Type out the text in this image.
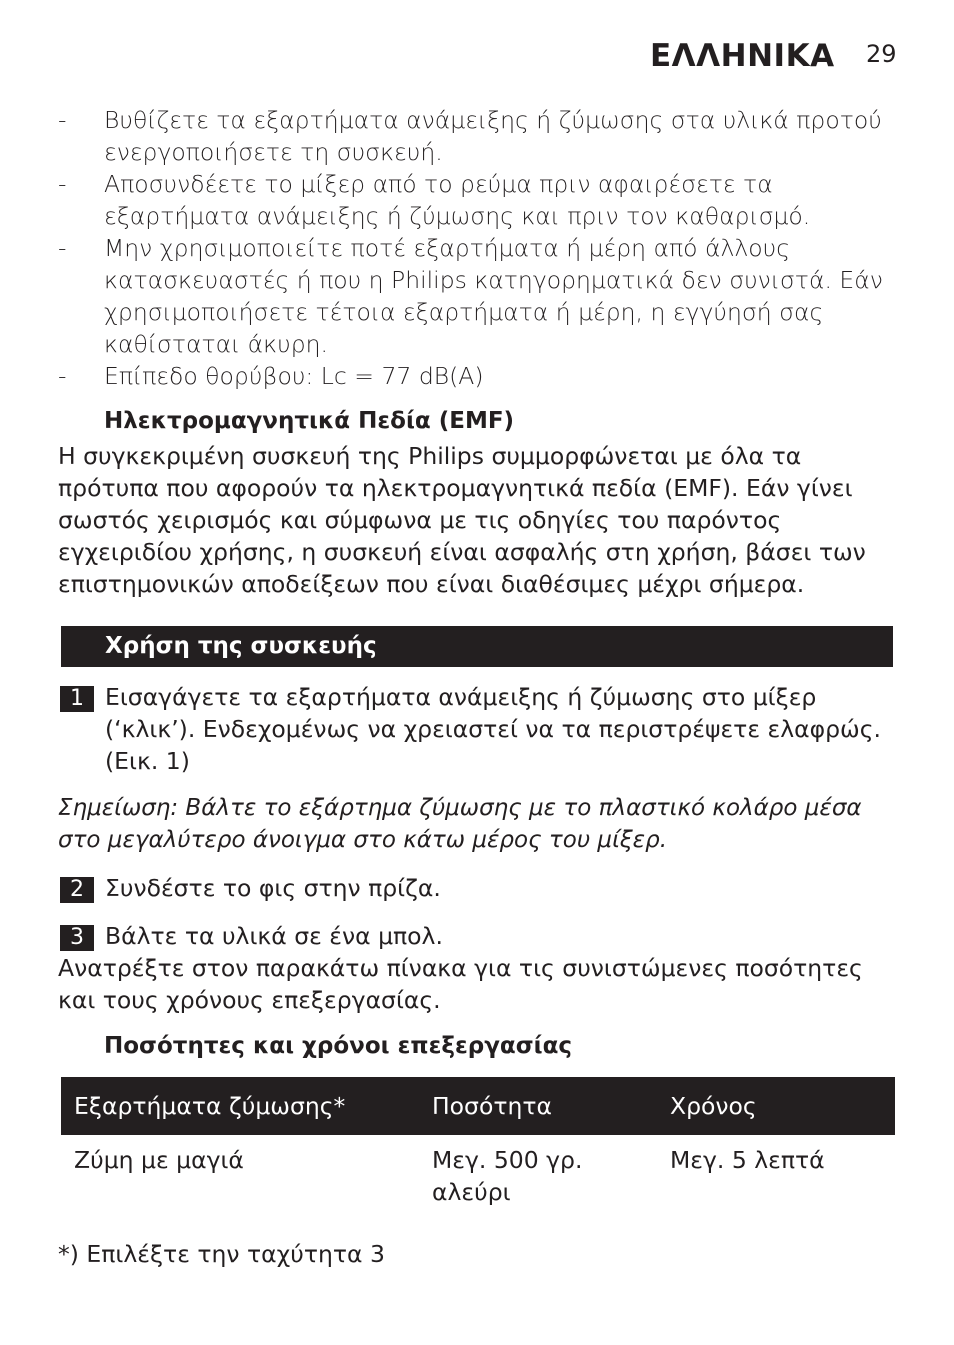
ΕΛΛΗΝΙΚΑ 29
- Βυθίζετε τα εξαρτήματα ανάμειξης ή ζύμωσης στα υλικά προτού ενεργοποιήσετε τη συσκευή.
- Αποσυνδέετε το μίξερ από το ρεύμα πριν αφαιρέσετε τα εξαρτήματα ανάμειξης ή ζύμωσης και πριν τον καθαρισμό.
- Μην χρησιμοποιείτε ποτέ εξαρτήματα ή μέρη από άλλους κατασκευαστές ή που η Philips κατηγορηματικά δεν συνιστά. Εάν χρησιμοποιήσετε τέτοια εξαρτήματα ή μέρη, η εγγύησή σας καθίσταται άκυρη.
- Επίπεδο θορύβου: Lc = 77 dB(A)
Ηλεκτρομαγνητικά Πεδία (EMF)

Η συγκεκριμένη συσκευή της Philips συμμορφώνεται με όλα τα πρότυπα που αφορούν τα ηλεκτρομαγνητικά πεδία (EMF). Εάν γίνει σωστός χειρισμός και σύμφωνα με τις οδηγίες του παρόντος εγχειριδίου χρήσης, η συσκευή είναι ασφαλής στη χρήση, βάσει των επιστημονικών αποδείξεων που είναι διαθέσιμες μέχρι σήμερα.

Χρήση της συσκευής
1 Εισαγάγετε τα εξαρτήματα ανάμειξης ή ζύμωσης στο μίξερ (‘κλικ’). Ενδεχομένως να χρειαστεί να τα περιστρέψετε ελαφρώς. (Εικ. 1)

Σημείωση: Βάλτε το εξάρτημα ζύμωσης με το πλαστικό κολάρο μέσα στο μεγαλύτερο άνοιγμα στο κάτω μέρος του μίξερ.

2 Συνδέστε το φις στην πρίζα.
3 Βάλτε τα υλικά σε ένα μπολ.

Ανατρέξτε στον παρακάτω πίνακα για τις συνιστώμενες ποσότητες και τους χρόνους επεξεργασίας.

Ποσότητες και χρόνοι επεξεργασίας
Εξαρτήματα ζύμωσης*	Ποσότητα	Χρόνος
Ζύμη με μαγιά	Μεγ. 500 γρ. αλεύρι	Μεγ. 5 λεπτά
*) Επιλέξτε την ταχύτητα 3
